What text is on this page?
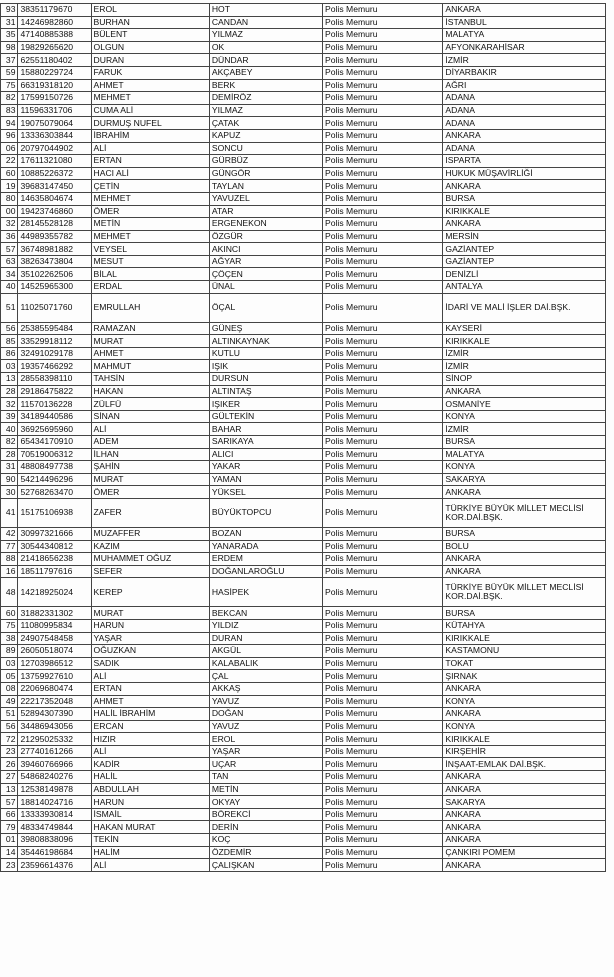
93	38351179670	EROL	HOT	Polis Memuru	ANKARA
31	14246982860	BURHAN	CANDAN	Polis Memuru	İSTANBUL
35	47140885388	BÜLENT	YILMAZ	Polis Memuru	MALATYA
98	19829265620	OLGUN	OK	Polis Memuru	AFYONKARAHİSAR
37	62551180402	DURAN	DÜNDAR	Polis Memuru	İZMİR
59	15880229724	FARUK	AKÇABEY	Polis Memuru	DİYARBAKIR
75	66319318120	AHMET	BERK	Polis Memuru	AĞRI
82	17599150726	MEHMET	DEMİRÖZ	Polis Memuru	ADANA
83	11596331706	CUMA ALİ	YILMAZ	Polis Memuru	ADANA
94	19075079064	DURMUŞ NUFEL	ÇATAK	Polis Memuru	ADANA
96	13336303844	İBRAHİM	KAPUZ	Polis Memuru	ANKARA
06	20797044902	ALİ	SONCU	Polis Memuru	ADANA
22	17611321080	ERTAN	GÜRBÜZ	Polis Memuru	ISPARTA
60	10885226372	HACI ALİ	GÜNGÖR	Polis Memuru	HUKUK MÜŞAVİRLİĞİ
19	39683147450	ÇETİN	TAYLAN	Polis Memuru	ANKARA
80	14635804674	MEHMET	YAVUZEL	Polis Memuru	BURSA
00	19423746860	ÖMER	ATAR	Polis Memuru	KIRIKKALE
32	28145528128	METİN	ERGENEKON	Polis Memuru	ANKARA
36	44989355782	MEHMET	ÖZGÜR	Polis Memuru	MERSİN
57	36748981882	VEYSEL	AKINCI	Polis Memuru	GAZİANTEP
63	38263473804	MESUT	AĞYAR	Polis Memuru	GAZİANTEP
34	35102262506	BİLAL	ÇÖÇEN	Polis Memuru	DENİZLİ
40	14525965300	ERDAL	ÜNAL	Polis Memuru	ANTALYA
51	11025071760	EMRULLAH	ÖÇAL	Polis Memuru	İDARİ VE MALİ İŞLER DAİ.BŞK.
56	25385595484	RAMAZAN	GÜNEŞ	Polis Memuru	KAYSERİ
85	33529918112	MURAT	ALTINKAYNAK	Polis Memuru	KIRIKKALE
86	32491029178	AHMET	KUTLU	Polis Memuru	İZMİR
03	19357466292	MAHMUT	IŞIK	Polis Memuru	İZMİR
13	28558398110	TAHSİN	DURSUN	Polis Memuru	SİNOP
28	29186475822	HAKAN	ALTINTAŞ	Polis Memuru	ANKARA
32	11570136228	ZÜLFÜ	IŞIKER	Polis Memuru	OSMANİYE
39	34189440586	SİNAN	GÜLTEKİN	Polis Memuru	KONYA
40	36925695960	ALİ	BAHAR	Polis Memuru	İZMİR
82	65434170910	ADEM	SARIKAYA	Polis Memuru	BURSA
28	70519006312	İLHAN	ALICI	Polis Memuru	MALATYA
31	48808497738	ŞAHİN	YAKAR	Polis Memuru	KONYA
90	54214496296	MURAT	YAMAN	Polis Memuru	SAKARYA
30	52768263470	ÖMER	YÜKSEL	Polis Memuru	ANKARA
41	15175106938	ZAFER	BÜYÜKTOPCU	Polis Memuru	TÜRKİYE BÜYÜK MİLLET MECLİSİ KOR.DAİ.BŞK.
42	30997321666	MUZAFFER	BOZAN	Polis Memuru	BURSA
77	30544340812	KAZIM	YANARADA	Polis Memuru	BOLU
88	21418656238	MUHAMMET OĞUZ	ERDEM	Polis Memuru	ANKARA
16	18511797616	SEFER	DOĞANLAROĞLU	Polis Memuru	ANKARA
48	14218925024	KEREP	HASİPEK	Polis Memuru	TÜRKİYE BÜYÜK MİLLET MECLİSİ KOR.DAİ.BŞK.
60	31882331302	MURAT	BEKCAN	Polis Memuru	BURSA
75	11080995834	HARUN	YILDIZ	Polis Memuru	KÜTAHYA
38	24907548458	YAŞAR	DURAN	Polis Memuru	KIRIKKALE
89	26050518074	OĞUZKAN	AKGÜL	Polis Memuru	KASTAMONU
03	12703986512	SADIK	KALABALIK	Polis Memuru	TOKAT
05	13759927610	ALİ	ÇAL	Polis Memuru	ŞIRNAK
08	22069680474	ERTAN	AKKAŞ	Polis Memuru	ANKARA
49	22217352048	AHMET	YAVUZ	Polis Memuru	KONYA
51	52894307390	HALİL İBRAHİM	DOĞAN	Polis Memuru	ANKARA
56	34486943056	ERCAN	YAVUZ	Polis Memuru	KONYA
72	21295025332	HIZIR	EROL	Polis Memuru	KIRIKKALE
23	27740161266	ALİ	YAŞAR	Polis Memuru	KIRŞEHİR
26	39460766966	KADİR	UÇAR	Polis Memuru	İNŞAAT-EMLAK DAİ.BŞK.
27	54868240276	HALİL	TAN	Polis Memuru	ANKARA
13	12538149878	ABDULLAH	METİN	Polis Memuru	ANKARA
57	18814024716	HARUN	OKYAY	Polis Memuru	SAKARYA
66	13333930814	İSMAİL	BÖREKCİ	Polis Memuru	ANKARA
79	48334749844	HAKAN MURAT	DERİN	Polis Memuru	ANKARA
01	39808838096	TEKİN	KOÇ	Polis Memuru	ANKARA
14	35446198684	HALİM	ÖZDEMİR	Polis Memuru	ÇANKIRI POMEM
23	23596614376	ALİ	ÇALIŞKAN	Polis Memuru	ANKARA
